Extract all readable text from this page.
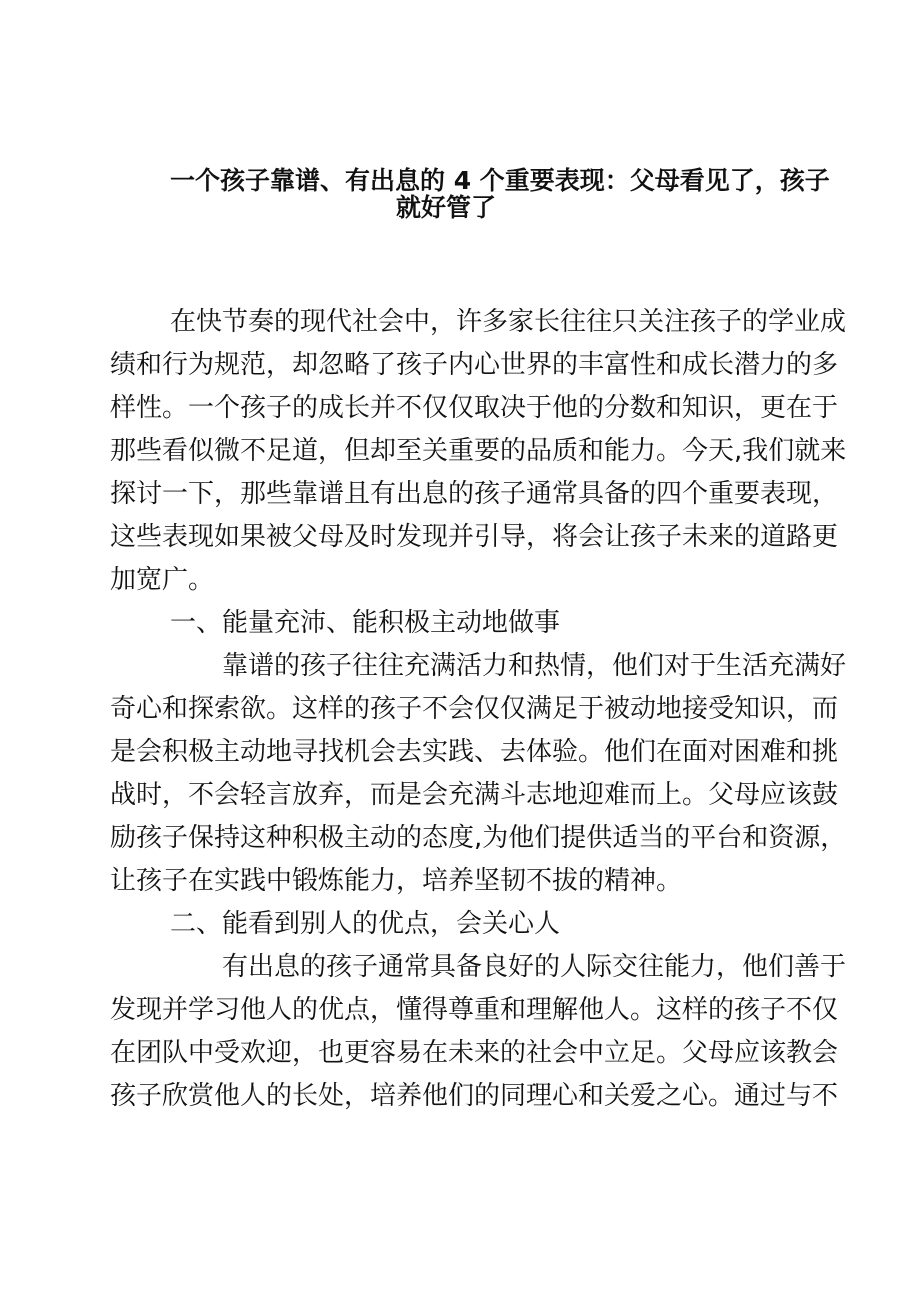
一个孩子靠谱、有出息的 4 个重要表现：父母看见了，孩子
就好管了
在快节奏的现代社会中，许多家长往往只关注孩子的学业成
绩和行为规范，却忽略了孩子内心世界的丰富性和成长潜力的多
样性。一个孩子的成长并不仅仅取决于他的分数和知识，更在于
那些看似微不足道，但却至关重要的品质和能力。今天,我们就来
探讨一下，那些靠谱且有出息的孩子通常具备的四个重要表现，
这些表现如果被父母及时发现并引导，将会让孩子未来的道路更
加宽广。
一、能量充沛、能积极主动地做事
靠谱的孩子往往充满活力和热情，他们对于生活充满好
奇心和探索欲。这样的孩子不会仅仅满足于被动地接受知识，而
是会积极主动地寻找机会去实践、去体验。他们在面对困难和挑
战时，不会轻言放弃，而是会充满斗志地迎难而上。父母应该鼓
励孩子保持这种积极主动的态度,为他们提供适当的平台和资源，
让孩子在实践中锻炼能力，培养坚韧不拔的精神。
二、能看到别人的优点，会关心人
有出息的孩子通常具备良好的人际交往能力，他们善于
发现并学习他人的优点，懂得尊重和理解他人。这样的孩子不仅
在团队中受欢迎，也更容易在未来的社会中立足。父母应该教会
孩子欣赏他人的长处，培养他们的同理心和关爱之心。通过与不
